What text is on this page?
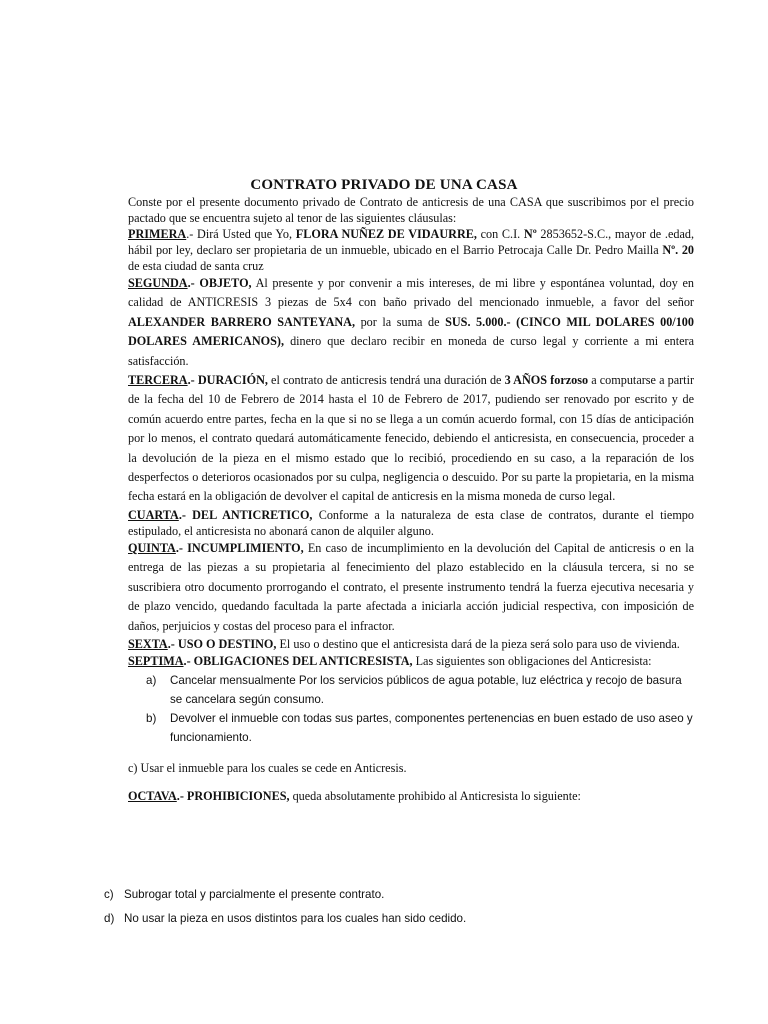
CONTRATO PRIVADO DE UNA CASA

Conste por el presente documento privado de Contrato de anticresis de una CASA que suscribimos por el precio pactado que se encuentra sujeto al tenor de las siguientes cláusulas:

PRIMERA.- Dirá Usted que Yo, FLORA NUÑEZ DE VIDAURRE, con C.I. Nº 2853652-S.C., mayor de .edad, hábil por ley, declaro ser propietaria de un inmueble, ubicado en el Barrio Petrocaja Calle Dr. Pedro Mailla Nº. 20 de esta ciudad de santa cruz

SEGUNDA.- OBJETO, Al presente y por convenir a mis intereses, de mi libre y espontánea voluntad, doy en calidad de ANTICRESIS 3 piezas de 5x4 con baño privado del mencionado inmueble, a favor del señor ALEXANDER BARRERO SANTEYANA, por la suma de SUS. 5.000.- (CINCO MIL DOLARES 00/100 DOLARES AMERICANOS), dinero que declaro recibir en moneda de curso legal y corriente a mi entera satisfacción.

TERCERA.- DURACIÓN, el contrato de anticresis tendrá una duración de 3 AÑOS forzoso a computarse a partir de la fecha del 10 de Febrero de 2014 hasta el 10 de Febrero de 2017, pudiendo ser renovado por escrito y de común acuerdo entre partes, fecha en la que si no se llega a un común acuerdo formal, con 15 días de anticipación por lo menos, el contrato quedará automáticamente fenecido, debiendo el anticresista, en consecuencia, proceder a la devolución de la pieza en el mismo estado que lo recibió, procediendo en su caso, a la reparación de los desperfectos o deterioros ocasionados por su culpa, negligencia o descuido. Por su parte la propietaria, en la misma fecha estará en la obligación de devolver el capital de anticresis en la misma moneda de curso legal.

CUARTA.- DEL ANTICRETICO, Conforme a la naturaleza de esta clase de contratos, durante el tiempo estipulado, el anticresista no abonará canon de alquiler alguno.

QUINTA.- INCUMPLIMIENTO, En caso de incumplimiento en la devolución del Capital de anticresis o en la entrega de las piezas a su propietaria al fenecimiento del plazo establecido en la cláusula tercera, si no se suscribiera otro documento prorrogando el contrato, el presente instrumento tendrá la fuerza ejecutiva necesaria y de plazo vencido, quedando facultada la parte afectada a iniciarla acción judicial respectiva, con imposición de daños, perjuicios y costas del proceso para el infractor.

SEXTA.- USO O DESTINO, El uso o destino que el anticresista dará de la pieza será solo para uso de vivienda.

SEPTIMA.- OBLIGACIONES DEL ANTICRESISTA, Las siguientes son obligaciones del Anticresista:

a) Cancelar mensualmente Por los servicios públicos de agua potable, luz eléctrica y recojo de basura se cancelara según consumo.
b) Devolver el inmueble con todas sus partes, componentes pertenencias en buen estado de uso aseo y funcionamiento.

c) Usar el inmueble para los cuales se cede en Anticresis.

OCTAVA.- PROHIBICIONES, queda absolutamente prohibido al Anticresista lo siguiente:

c) Subrogar total y parcialmente el presente contrato.
d) No usar la pieza en usos distintos para los cuales han sido cedido.
